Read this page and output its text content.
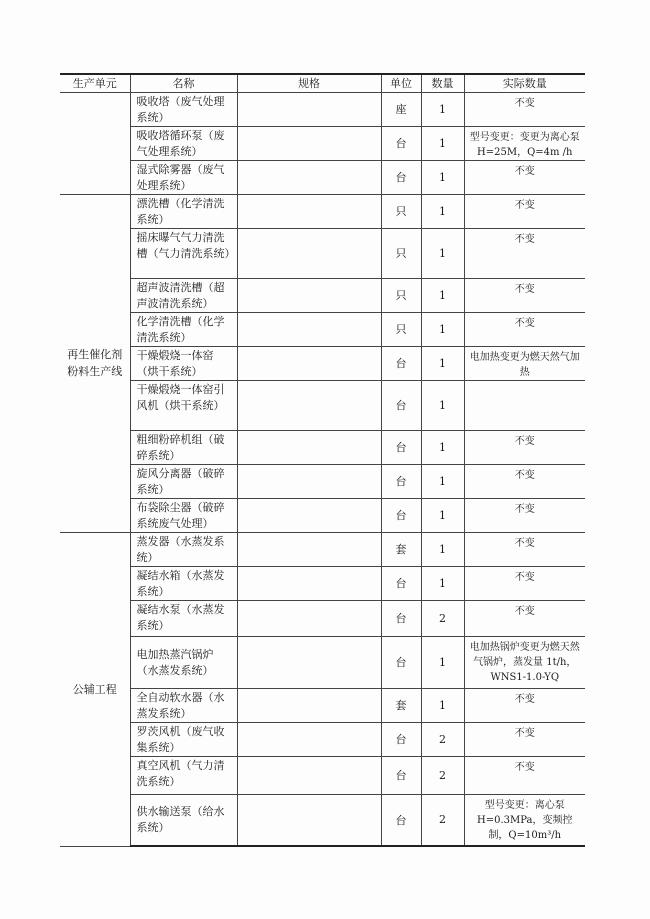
生产单元	名称	规格	单位	数量	实际数量
	吸收塔（废气处理系统）		座	1	不变
	吸收塔循环泵（废气处理系统）		台	1	型号变更：变更为离心泵 H=25M，Q=4m /h
	湿式除雾器（废气处理系统）		台	1	不变
再生催化剂粉料生产线	漂洗槽（化学清洗系统）		只	1	不变
	摇床曝气气力清洗槽（气力清洗系统）		只	1	不变
	超声波清洗槽（超声波清洗系统）		只	1	不变
	化学清洗槽（化学清洗系统）		只	1	不变
	干燥煅烧一体窑（烘干系统）		台	1	电加热变更为燃天然气加热
	干燥煅烧一体窑引风机（烘干系统）		台	1	
	粗细粉碎机组（破碎系统）		台	1	不变
	旋风分离器（破碎系统）		台	1	不变
	布袋除尘器（破碎系统废气处理）		台	1	不变
公辅工程	蒸发器（水蒸发系统）		套	1	不变
	凝结水箱（水蒸发系统）		台	1	不变
	凝结水泵（水蒸发系统）		台	2	不变
	电加热蒸汽锅炉（水蒸发系统）		台	1	电加热锅炉变更为燃天然气锅炉，蒸发量 1t/h，WNS1-1.0-YQ
	全自动软水器（水蒸发系统）		套	1	不变
	罗茨风机（废气收集系统）		台	2	不变
	真空风机（气力清洗系统）		台	2	不变
	供水输送泵（给水系统）		台	2	型号变更：离心泵 H=0.3MPa，变频控制，Q=10m³/h
